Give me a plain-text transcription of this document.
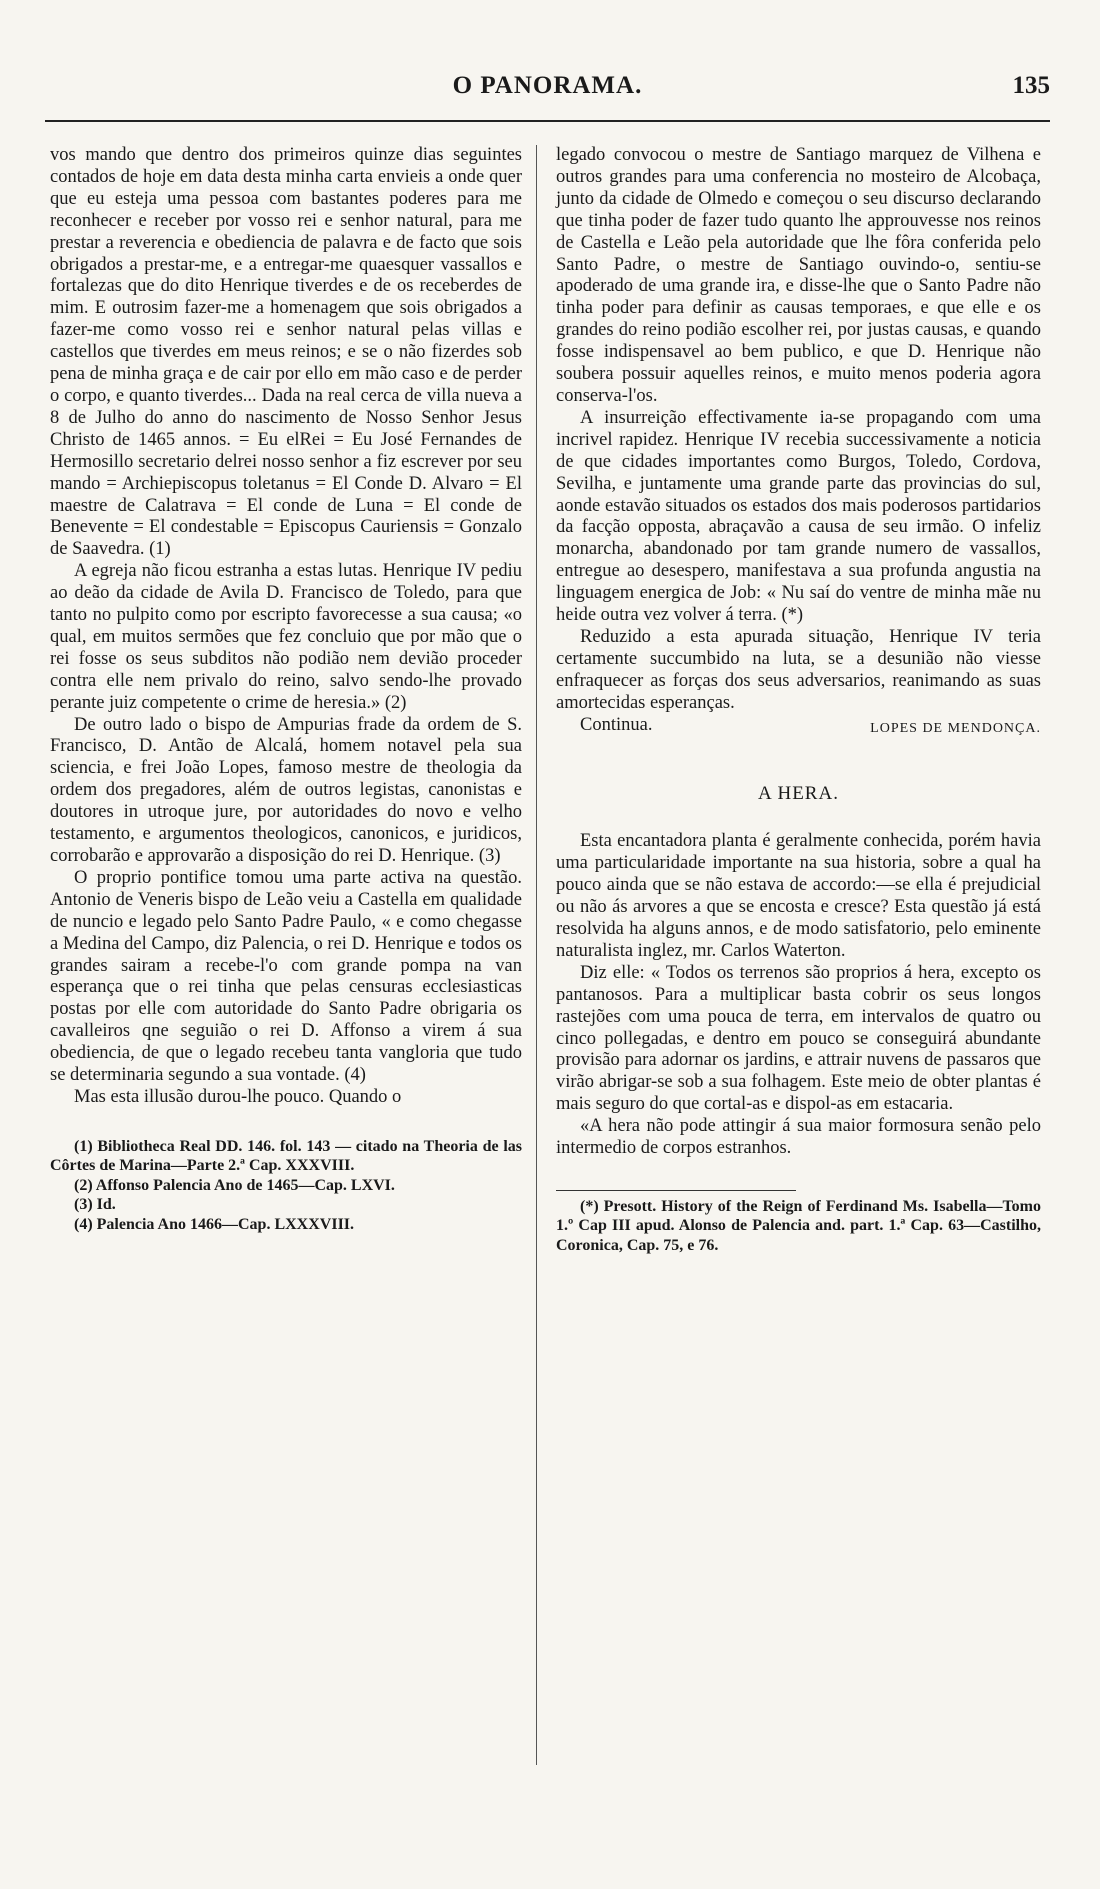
O PANORAMA.	135

vos mando que dentro dos primeiros quinze dias seguintes contados de hoje em data desta minha carta envieis a onde quer que eu esteja uma pessoa com bastantes poderes para me reconhecer e receber por vosso rei e senhor natural, para me prestar a reverencia e obediencia de palavra e de facto que sois obrigados a prestar-me, e a entregar-me quaesquer vassallos e fortalezas que do dito Henrique tiverdes e de os receberdes de mim. E outrosim fazer-me a homenagem que sois obrigados a fazer-me como vosso rei e senhor natural pelas villas e castellos que tiverdes em meus reinos; e se o não fizerdes sob pena de minha graça e de cair por ello em mão caso e de perder o corpo, e quanto tiverdes... Dada na real cerca de villa nueva a 8 de Julho do anno do nascimento de Nosso Senhor Jesus Christo de 1465 annos. = Eu elRei = Eu José Fernandes de Hermosillo secretario delrei nosso senhor a fiz escrever por seu mando = Archiepiscopus toletanus = El Conde D. Alvaro = El maestre de Calatrava = El conde de Luna = El conde de Benevente = El condestable = Episcopus Cauriensis = Gonzalo de Saavedra. (1)

A egreja não ficou estranha a estas lutas. Henrique IV pediu ao deão da cidade de Avila D. Francisco de Toledo, para que tanto no pulpito como por escripto favorecesse a sua causa; «o qual, em muitos sermões que fez concluio que por mão que o rei fosse os seus subditos não podião nem devião proceder contra elle nem privalo do reino, salvo sendo-lhe provado perante juiz competente o crime de heresia.» (2)

De outro lado o bispo de Ampurias frade da ordem de S. Francisco, D. Antão de Alcalá, homem notavel pela sua sciencia, e frei João Lopes, famoso mestre de theologia da ordem dos pregadores, além de outros legistas, canonistas e doutores in utroque jure, por autoridades do novo e velho testamento, e argumentos theologicos, canonicos, e juridicos, corrobarão e approvarão a disposição do rei D. Henrique. (3)

O proprio pontifice tomou uma parte activa na questão. Antonio de Veneris bispo de Leão veiu a Castella em qualidade de nuncio e legado pelo Santo Padre Paulo, « e como chegasse a Medina del Campo, diz Palencia, o rei D. Henrique e todos os grandes sairam a recebe-l'o com grande pompa na van esperança que o rei tinha que pelas censuras ecclesiasticas postas por elle com autoridade do Santo Padre obrigaria os cavalleiros qne seguião o rei D. Affonso a virem á sua obediencia, de que o legado recebeu tanta vangloria que tudo se determinaria segundo a sua vontade. (4)

Mas esta illusão durou-lhe pouco. Quando o

(1) Bibliotheca Real DD. 146. fol. 143 — citado na Theoria de las Côrtes de Marina—Parte 2.ª Cap. XXXVIII.

(2) Affonso Palencia Ano de 1465—Cap. LXVI.

(3) Id.

(4) Palencia Ano 1466—Cap. LXXXVIII.

legado convocou o mestre de Santiago marquez de Vilhena e outros grandes para uma conferencia no mosteiro de Alcobaça, junto da cidade de Olmedo e começou o seu discurso declarando que tinha poder de fazer tudo quanto lhe approuvesse nos reinos de Castella e Leão pela autoridade que lhe fôra conferida pelo Santo Padre, o mestre de Santiago ouvindo-o, sentiu-se apoderado de uma grande ira, e disse-lhe que o Santo Padre não tinha poder para definir as causas temporaes, e que elle e os grandes do reino podião escolher rei, por justas causas, e quando fosse indispensavel ao bem publico, e que D. Henrique não soubera possuir aquelles reinos, e muito menos poderia agora conserva-l'os.

A insurreição effectivamente ia-se propagando com uma incrivel rapidez. Henrique IV recebia successivamente a noticia de que cidades importantes como Burgos, Toledo, Cordova, Sevilha, e juntamente uma grande parte das provincias do sul, aonde estavão situados os estados dos mais poderosos partidarios da facção opposta, abraçavão a causa de seu irmão. O infeliz monarcha, abandonado por tam grande numero de vassallos, entregue ao desespero, manifestava a sua profunda angustia na linguagem energica de Job: « Nu saí do ventre de minha mãe nu heide outra vez volver á terra. (*)

Reduzido a esta apurada situação, Henrique IV teria certamente succumbido na luta, se a desunião não viesse enfraquecer as forças dos seus adversarios, reanimando as suas amortecidas esperanças.

Continua.	LOPES DE MENDONÇA.
A HERA.

Esta encantadora planta é geralmente conhecida, porém havia uma particularidade importante na sua historia, sobre a qual ha pouco ainda que se não estava de accordo:—se ella é prejudicial ou não ás arvores a que se encosta e cresce? Esta questão já está resolvida ha alguns annos, e de modo satisfatorio, pelo eminente naturalista inglez, mr. Carlos Waterton.

Diz elle: « Todos os terrenos são proprios á hera, excepto os pantanosos. Para a multiplicar basta cobrir os seus longos rastejões com uma pouca de terra, em intervalos de quatro ou cinco pollegadas, e dentro em pouco se conseguirá abundante provisão para adornar os jardins, e attrair nuvens de passaros que virão abrigar-se sob a sua folhagem. Este meio de obter plantas é mais seguro do que cortal-as e dispol-as em estacaria.

«A hera não pode attingir á sua maior formosura senão pelo intermedio de corpos estranhos.

(*) Presott. History of the Reign of Ferdinand Ms. Isabella—Tomo 1.º Cap III apud. Alonso de Palencia and. part. 1.ª Cap. 63—Castilho, Coronica, Cap. 75, e 76.
